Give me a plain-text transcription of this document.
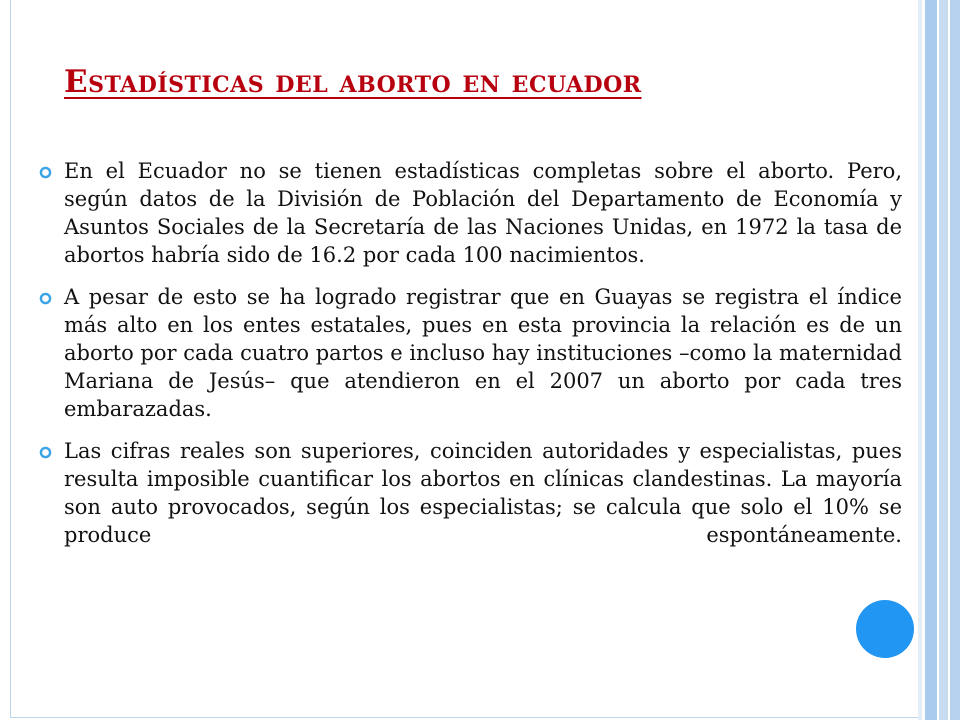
Estadísticas del aborto en ecuador
En el Ecuador no se tienen estadísticas completas sobre el aborto. Pero, según datos de la División de Población del Departamento de Economía y Asuntos Sociales de la Secretaría de las Naciones Unidas, en 1972 la tasa de abortos habría sido de 16.2 por cada 100 nacimientos.
A pesar de esto se ha logrado registrar que en Guayas se registra el índice más alto en los entes estatales, pues en esta provincia la relación es de un aborto por cada cuatro partos e incluso hay instituciones –como la maternidad Mariana de Jesús– que atendieron en el 2007 un aborto por cada tres embarazadas.
Las cifras reales son superiores, coinciden autoridades y especialistas, pues resulta imposible cuantificar los abortos en clínicas clandestinas. La mayoría son auto provocados, según los especialistas; se calcula que solo el 10% se produce espontáneamente.
